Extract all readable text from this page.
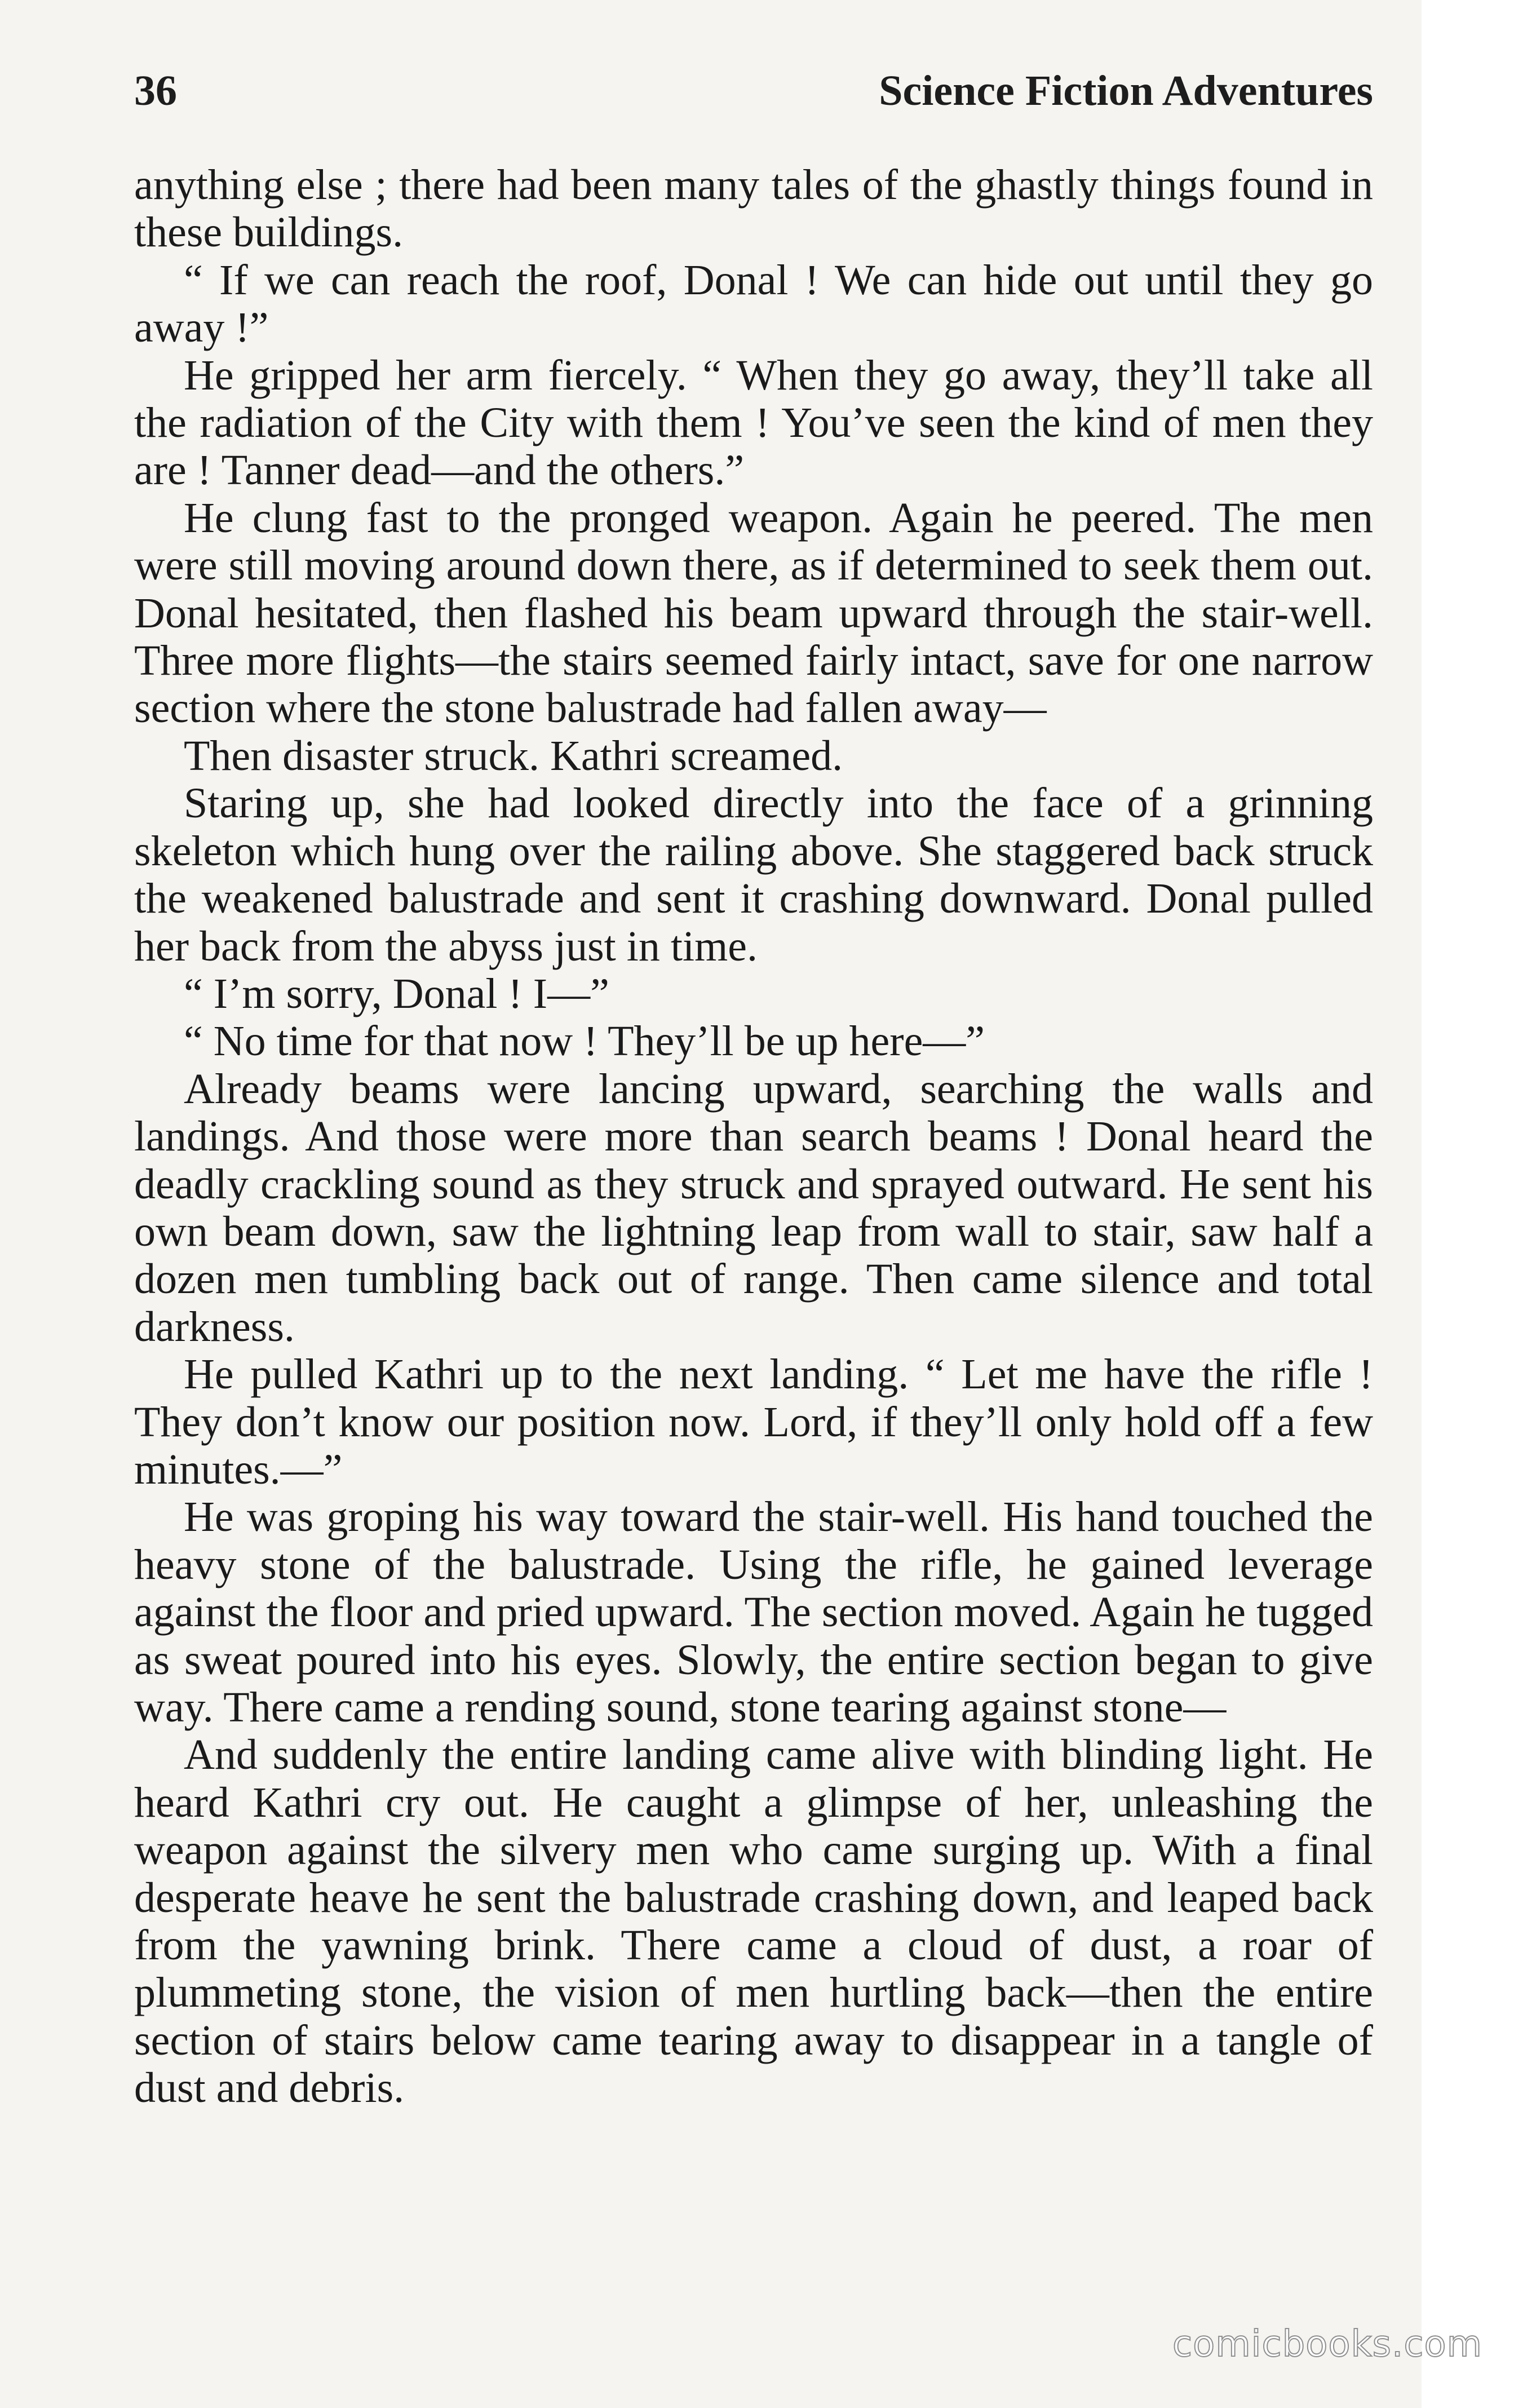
36	Science Fiction Adventures

anything else ; there had been many tales of the ghastly things found in these buildings.

“ If we can reach the roof, Donal ! We can hide out until they go away !”

He gripped her arm fiercely. “ When they go away, they’ll take all the radiation of the City with them ! You’ve seen the kind of men they are ! Tanner dead—and the others.”

He clung fast to the pronged weapon. Again he peered. The men were still moving around down there, as if determined to seek them out. Donal hesitated, then flashed his beam upward through the stair-well. Three more flights—the stairs seemed fairly intact, save for one narrow section where the stone balustrade had fallen away—

Then disaster struck. Kathri screamed.

Staring up, she had looked directly into the face of a grinning skeleton which hung over the railing above. She staggered back struck the weakened balustrade and sent it crashing downward. Donal pulled her back from the abyss just in time.

“ I’m sorry, Donal ! I—”

“ No time for that now ! They’ll be up here—”

Already beams were lancing upward, searching the walls and landings. And those were more than search beams ! Donal heard the deadly crackling sound as they struck and sprayed outward. He sent his own beam down, saw the lightning leap from wall to stair, saw half a dozen men tumbling back out of range. Then came silence and total darkness.

He pulled Kathri up to the next landing. “ Let me have the rifle ! They don’t know our position now. Lord, if they’ll only hold off a few minutes.—”

He was groping his way toward the stair-well. His hand touched the heavy stone of the balustrade. Using the rifle, he gained leverage against the floor and pried upward. The section moved. Again he tugged as sweat poured into his eyes. Slowly, the entire section began to give way. There came a rending sound, stone tearing against stone—

And suddenly the entire landing came alive with blinding light. He heard Kathri cry out. He caught a glimpse of her, unleashing the weapon against the silvery men who came surging up. With a final desperate heave he sent the balustrade crashing down, and leaped back from the yawning brink. There came a cloud of dust, a roar of plummeting stone, the vision of men hurtling back—then the entire section of stairs below came tearing away to disappear in a tangle of dust and debris.

comicbooks.com
